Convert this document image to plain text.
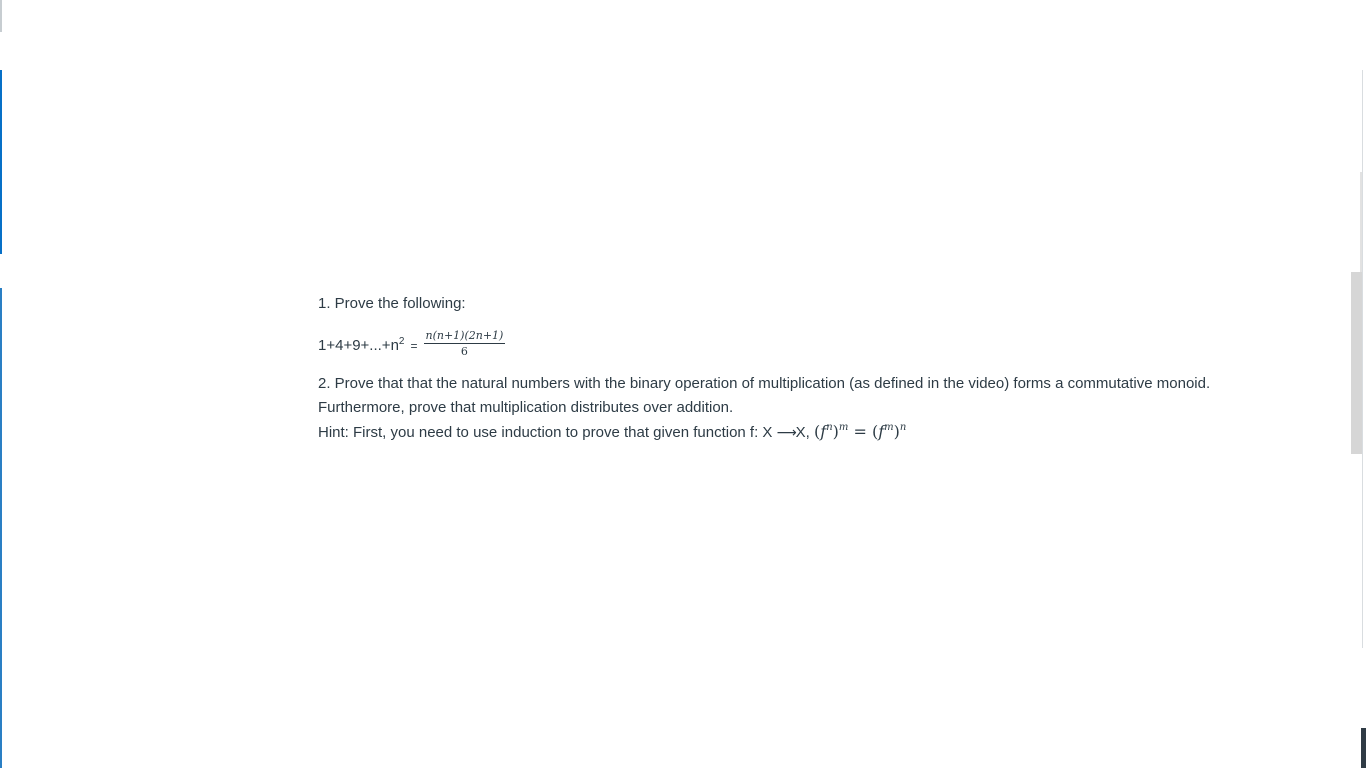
1. Prove the following:

$1+4+9+...+n^2 = \frac{n(n+1)(2n+1)}{6}$

2. Prove that that the natural numbers with the binary operation of multiplication (as defined in the video) forms a commutative monoid.

Furthermore, prove that multiplication distributes over addition.

Hint: First, you need to use induction to prove that given function f: X ⟶X, $(f^n)^m = (f^m)^n$
